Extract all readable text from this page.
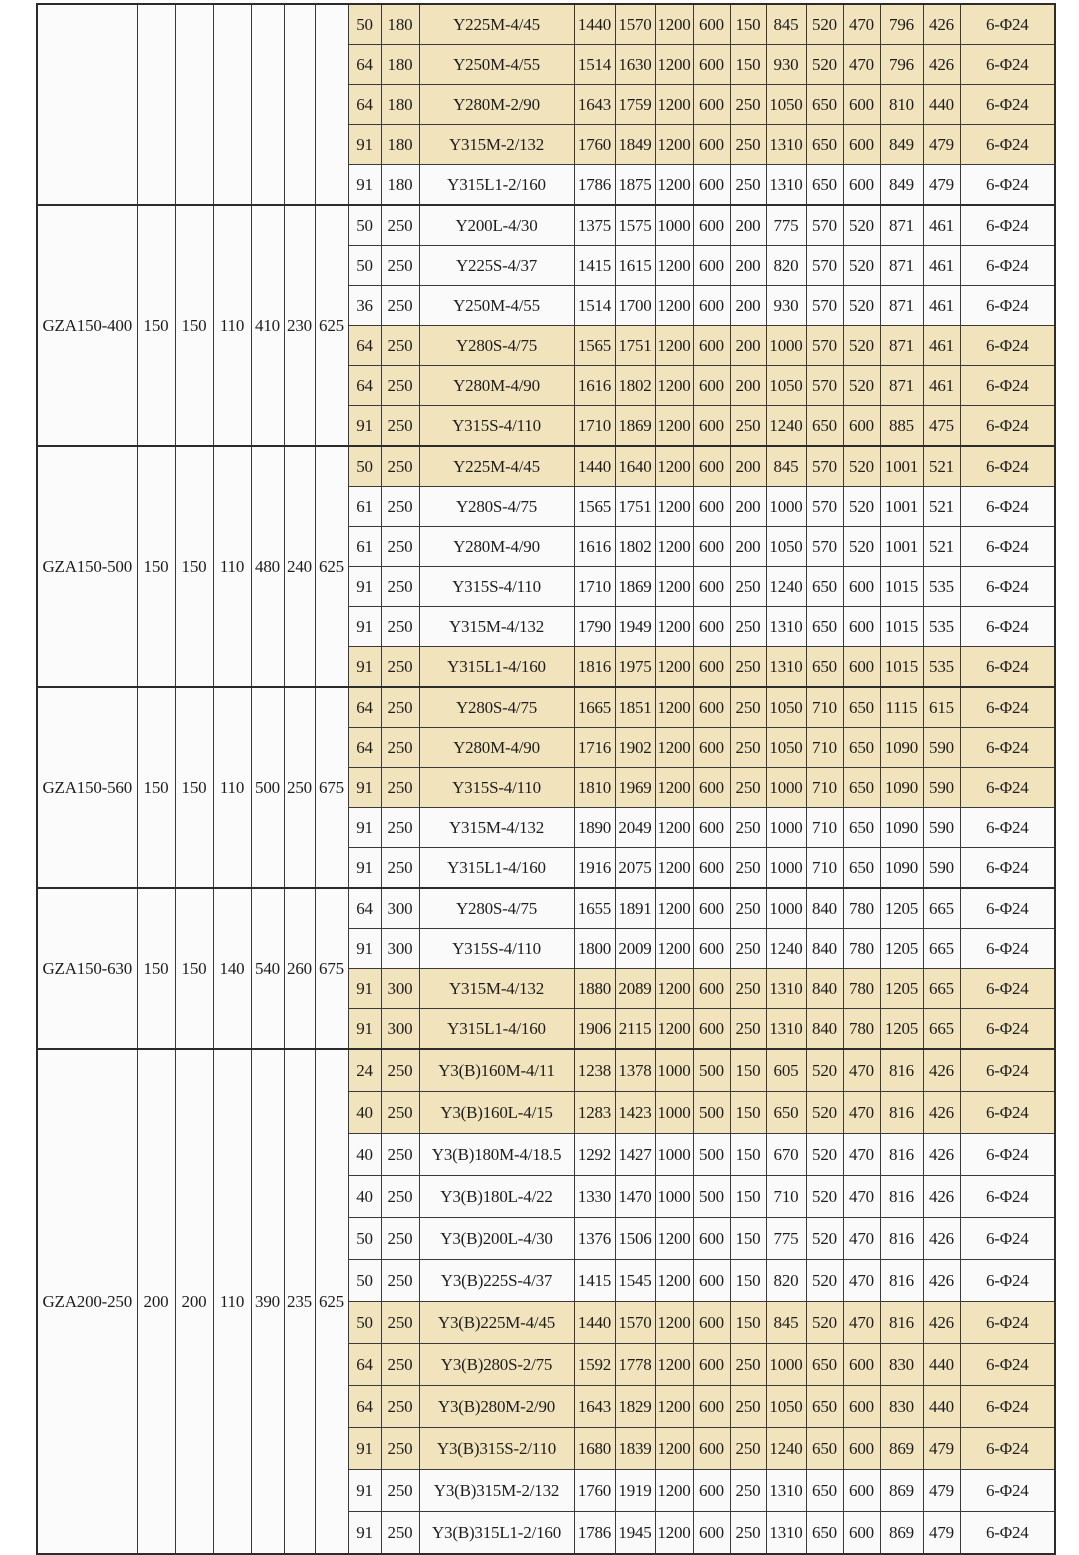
							50	180	Y225M-4/45	1440	1570	1200	600	150	845	520	470	796	426	6-Φ24
							64	180	Y250M-4/55	1514	1630	1200	600	150	930	520	470	796	426	6-Φ24
							64	180	Y280M-2/90	1643	1759	1200	600	250	1050	650	600	810	440	6-Φ24
							91	180	Y315M-2/132	1760	1849	1200	600	250	1310	650	600	849	479	6-Φ24
							91	180	Y315L1-2/160	1786	1875	1200	600	250	1310	650	600	849	479	6-Φ24
GZA150-400	150	150	110	410	230	625	50	250	Y200L-4/30	1375	1575	1000	600	200	775	570	520	871	461	6-Φ24
							50	250	Y225S-4/37	1415	1615	1200	600	200	820	570	520	871	461	6-Φ24
							36	250	Y250M-4/55	1514	1700	1200	600	200	930	570	520	871	461	6-Φ24
							64	250	Y280S-4/75	1565	1751	1200	600	200	1000	570	520	871	461	6-Φ24
							64	250	Y280M-4/90	1616	1802	1200	600	200	1050	570	520	871	461	6-Φ24
							91	250	Y315S-4/110	1710	1869	1200	600	250	1240	650	600	885	475	6-Φ24
GZA150-500	150	150	110	480	240	625	50	250	Y225M-4/45	1440	1640	1200	600	200	845	570	520	1001	521	6-Φ24
							61	250	Y280S-4/75	1565	1751	1200	600	200	1000	570	520	1001	521	6-Φ24
							61	250	Y280M-4/90	1616	1802	1200	600	200	1050	570	520	1001	521	6-Φ24
							91	250	Y315S-4/110	1710	1869	1200	600	250	1240	650	600	1015	535	6-Φ24
							91	250	Y315M-4/132	1790	1949	1200	600	250	1310	650	600	1015	535	6-Φ24
							91	250	Y315L1-4/160	1816	1975	1200	600	250	1310	650	600	1015	535	6-Φ24
GZA150-560	150	150	110	500	250	675	64	250	Y280S-4/75	1665	1851	1200	600	250	1050	710	650	1115	615	6-Φ24
							64	250	Y280M-4/90	1716	1902	1200	600	250	1050	710	650	1090	590	6-Φ24
							91	250	Y315S-4/110	1810	1969	1200	600	250	1000	710	650	1090	590	6-Φ24
							91	250	Y315M-4/132	1890	2049	1200	600	250	1000	710	650	1090	590	6-Φ24
							91	250	Y315L1-4/160	1916	2075	1200	600	250	1000	710	650	1090	590	6-Φ24
GZA150-630	150	150	140	540	260	675	64	300	Y280S-4/75	1655	1891	1200	600	250	1000	840	780	1205	665	6-Φ24
							91	300	Y315S-4/110	1800	2009	1200	600	250	1240	840	780	1205	665	6-Φ24
							91	300	Y315M-4/132	1880	2089	1200	600	250	1310	840	780	1205	665	6-Φ24
							91	300	Y315L1-4/160	1906	2115	1200	600	250	1310	840	780	1205	665	6-Φ24
GZA200-250	200	200	110	390	235	625	24	250	Y3(B)160M-4/11	1238	1378	1000	500	150	605	520	470	816	426	6-Φ24
							40	250	Y3(B)160L-4/15	1283	1423	1000	500	150	650	520	470	816	426	6-Φ24
							40	250	Y3(B)180M-4/18.5	1292	1427	1000	500	150	670	520	470	816	426	6-Φ24
							40	250	Y3(B)180L-4/22	1330	1470	1000	500	150	710	520	470	816	426	6-Φ24
							50	250	Y3(B)200L-4/30	1376	1506	1200	600	150	775	520	470	816	426	6-Φ24
							50	250	Y3(B)225S-4/37	1415	1545	1200	600	150	820	520	470	816	426	6-Φ24
							50	250	Y3(B)225M-4/45	1440	1570	1200	600	150	845	520	470	816	426	6-Φ24
							64	250	Y3(B)280S-2/75	1592	1778	1200	600	250	1000	650	600	830	440	6-Φ24
							64	250	Y3(B)280M-2/90	1643	1829	1200	600	250	1050	650	600	830	440	6-Φ24
							91	250	Y3(B)315S-2/110	1680	1839	1200	600	250	1240	650	600	869	479	6-Φ24
							91	250	Y3(B)315M-2/132	1760	1919	1200	600	250	1310	650	600	869	479	6-Φ24
							91	250	Y3(B)315L1-2/160	1786	1945	1200	600	250	1310	650	600	869	479	6-Φ24
